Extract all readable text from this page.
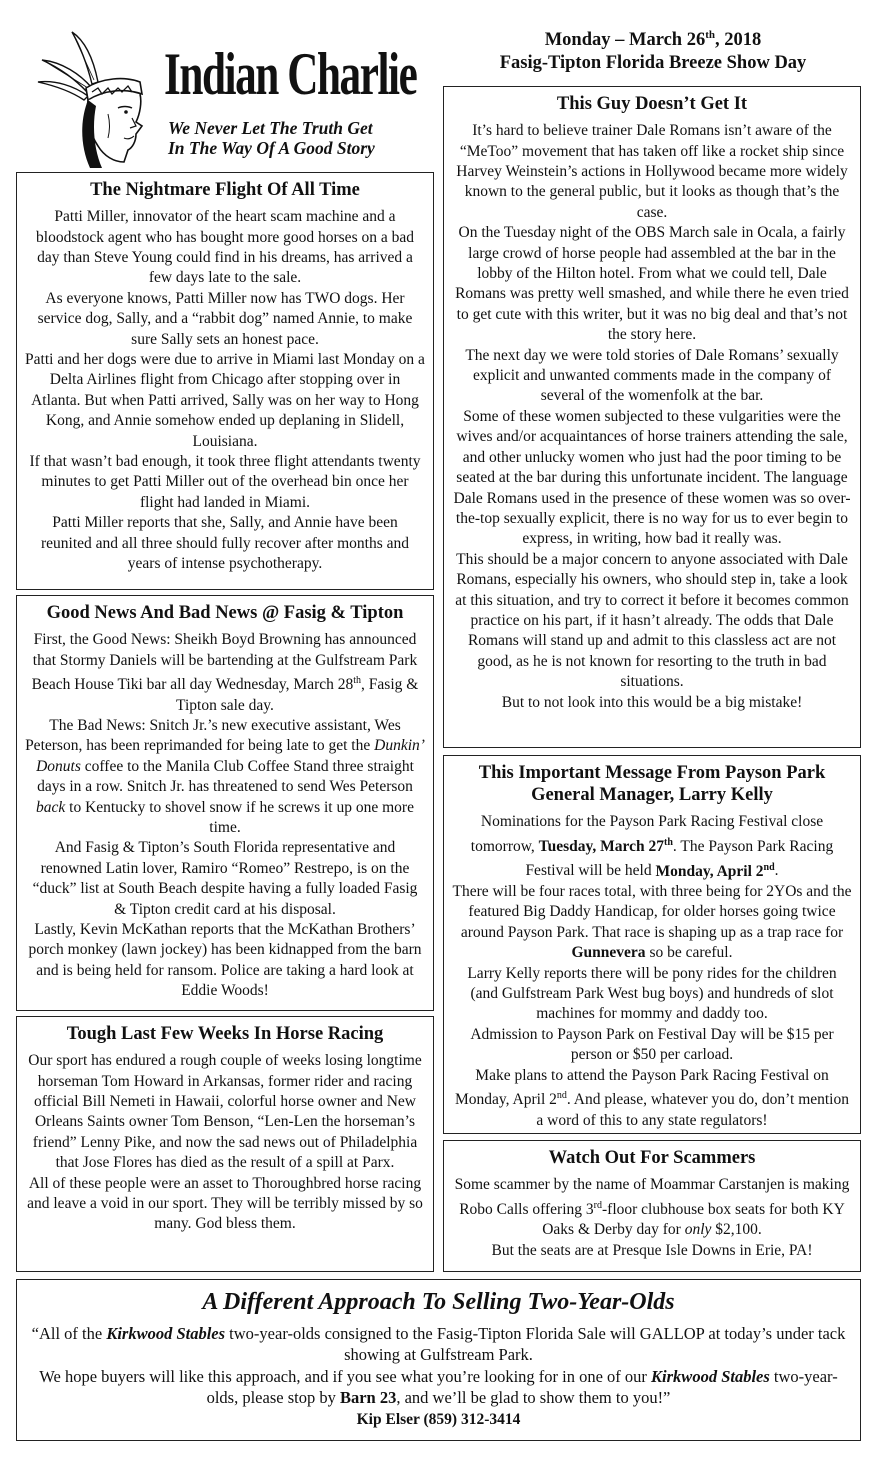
Indian Charlie
We Never Let The Truth Get
In The Way Of A Good Story
Monday – March 26th, 2018
Fasig-Tipton Florida Breeze Show Day
The Nightmare Flight Of All Time

Patti Miller, innovator of the heart scam machine and a bloodstock agent who has bought more good horses on a bad day than Steve Young could find in his dreams, has arrived a few days late to the sale.

As everyone knows, Patti Miller now has TWO dogs. Her service dog, Sally, and a “rabbit dog” named Annie, to make sure Sally sets an honest pace.

Patti and her dogs were due to arrive in Miami last Monday on a Delta Airlines flight from Chicago after stopping over in Atlanta. But when Patti arrived, Sally was on her way to Hong Kong, and Annie somehow ended up deplaning in Slidell, Louisiana.

If that wasn’t bad enough, it took three flight attendants twenty minutes to get Patti Miller out of the overhead bin once her flight had landed in Miami.

Patti Miller reports that she, Sally, and Annie have been reunited and all three should fully recover after months and years of intense psychotherapy.

Good News And Bad News @ Fasig & Tipton

First, the Good News: Sheikh Boyd Browning has announced that Stormy Daniels will be bartending at the Gulfstream Park Beach House Tiki bar all day Wednesday, March 28th, Fasig & Tipton sale day.

The Bad News: Snitch Jr.’s new executive assistant, Wes Peterson, has been reprimanded for being late to get the Dunkin’ Donuts coffee to the Manila Club Coffee Stand three straight days in a row. Snitch Jr. has threatened to send Wes Peterson back to Kentucky to shovel snow if he screws it up one more time.

And Fasig & Tipton’s South Florida representative and renowned Latin lover, Ramiro “Romeo” Restrepo, is on the “duck” list at South Beach despite having a fully loaded Fasig & Tipton credit card at his disposal.

Lastly, Kevin McKathan reports that the McKathan Brothers’ porch monkey (lawn jockey) has been kidnapped from the barn and is being held for ransom. Police are taking a hard look at Eddie Woods!

Tough Last Few Weeks In Horse Racing

Our sport has endured a rough couple of weeks losing longtime horseman Tom Howard in Arkansas, former rider and racing official Bill Nemeti in Hawaii, colorful horse owner and New Orleans Saints owner Tom Benson, “Len-Len the horseman’s friend” Lenny Pike, and now the sad news out of Philadelphia that Jose Flores has died as the result of a spill at Parx.

All of these people were an asset to Thoroughbred horse racing and leave a void in our sport. They will be terribly missed by so many. God bless them.

This Guy Doesn’t Get It

It’s hard to believe trainer Dale Romans isn’t aware of the “MeToo” movement that has taken off like a rocket ship since Harvey Weinstein’s actions in Hollywood became more widely known to the general public, but it looks as though that’s the case.

On the Tuesday night of the OBS March sale in Ocala, a fairly large crowd of horse people had assembled at the bar in the lobby of the Hilton hotel. From what we could tell, Dale Romans was pretty well smashed, and while there he even tried to get cute with this writer, but it was no big deal and that’s not the story here.

The next day we were told stories of Dale Romans’ sexually explicit and unwanted comments made in the company of several of the womenfolk at the bar.

Some of these women subjected to these vulgarities were the wives and/or acquaintances of horse trainers attending the sale, and other unlucky women who just had the poor timing to be seated at the bar during this unfortunate incident. The language Dale Romans used in the presence of these women was so over-the-top sexually explicit, there is no way for us to ever begin to express, in writing, how bad it really was.

This should be a major concern to anyone associated with Dale Romans, especially his owners, who should step in, take a look at this situation, and try to correct it before it becomes common practice on his part, if it hasn’t already. The odds that Dale Romans will stand up and admit to this classless act are not good, as he is not known for resorting to the truth in bad situations.

But to not look into this would be a big mistake!

This Important Message From Payson Park
General Manager, Larry Kelly

Nominations for the Payson Park Racing Festival close tomorrow, Tuesday, March 27th. The Payson Park Racing Festival will be held Monday, April 2nd.

There will be four races total, with three being for 2YOs and the featured Big Daddy Handicap, for older horses going twice around Payson Park. That race is shaping up as a trap race for Gunnevera so be careful.

Larry Kelly reports there will be pony rides for the children (and Gulfstream Park West bug boys) and hundreds of slot machines for mommy and daddy too.

Admission to Payson Park on Festival Day will be $15 per person or $50 per carload.

Make plans to attend the Payson Park Racing Festival on Monday, April 2nd. And please, whatever you do, don’t mention a word of this to any state regulators!

Watch Out For Scammers

Some scammer by the name of Moammar Carstanjen is making Robo Calls offering 3rd-floor clubhouse box seats for both KY Oaks & Derby day for only $2,100.

But the seats are at Presque Isle Downs in Erie, PA!

A Different Approach To Selling Two-Year-Olds

“All of the Kirkwood Stables two-year-olds consigned to the Fasig-Tipton Florida Sale will GALLOP at today’s under tack showing at Gulfstream Park.

We hope buyers will like this approach, and if you see what you’re looking for in one of our Kirkwood Stables two-year-olds, please stop by Barn 23, and we’ll be glad to show them to you!”

Kip Elser (859) 312-3414
